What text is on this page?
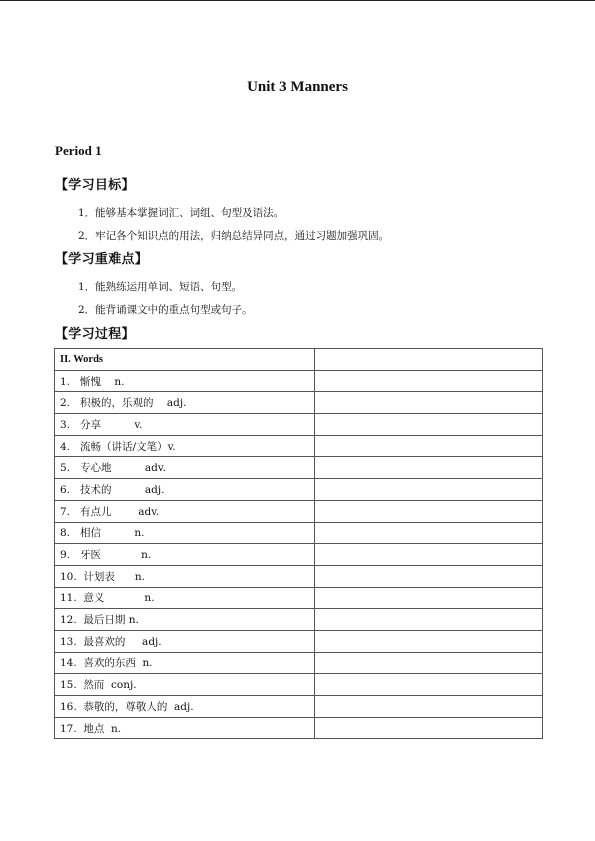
Unit 3 Manners
Period 1
【学习目标】
1．能够基本掌握词汇、词组、句型及语法。
2．牢记各个知识点的用法，归纳总结异同点，通过习题加强巩固。
【学习重难点】
1．能熟练运用单词、短语、句型。
2．能背诵课文中的重点句型或句子。
【学习过程】
II. Words	
1.   惭愧    n.	
2.   积极的，乐观的    adj.	
3.   分享          v.	
4.   流畅（讲话/文笔）v.	
5.   专心地          adv.	
6.   技术的          adj.	
7.   有点儿        adv.	
8.   相信          n.	
9.   牙医            n.	
10.  计划表      n.	
11.  意义            n.	
12.  最后日期 n.	
13.  最喜欢的     adj.	
14.  喜欢的东西  n.	
15.  然而  conj.	
16.  恭敬的，尊敬人的  adj.	
17.  地点  n.	
